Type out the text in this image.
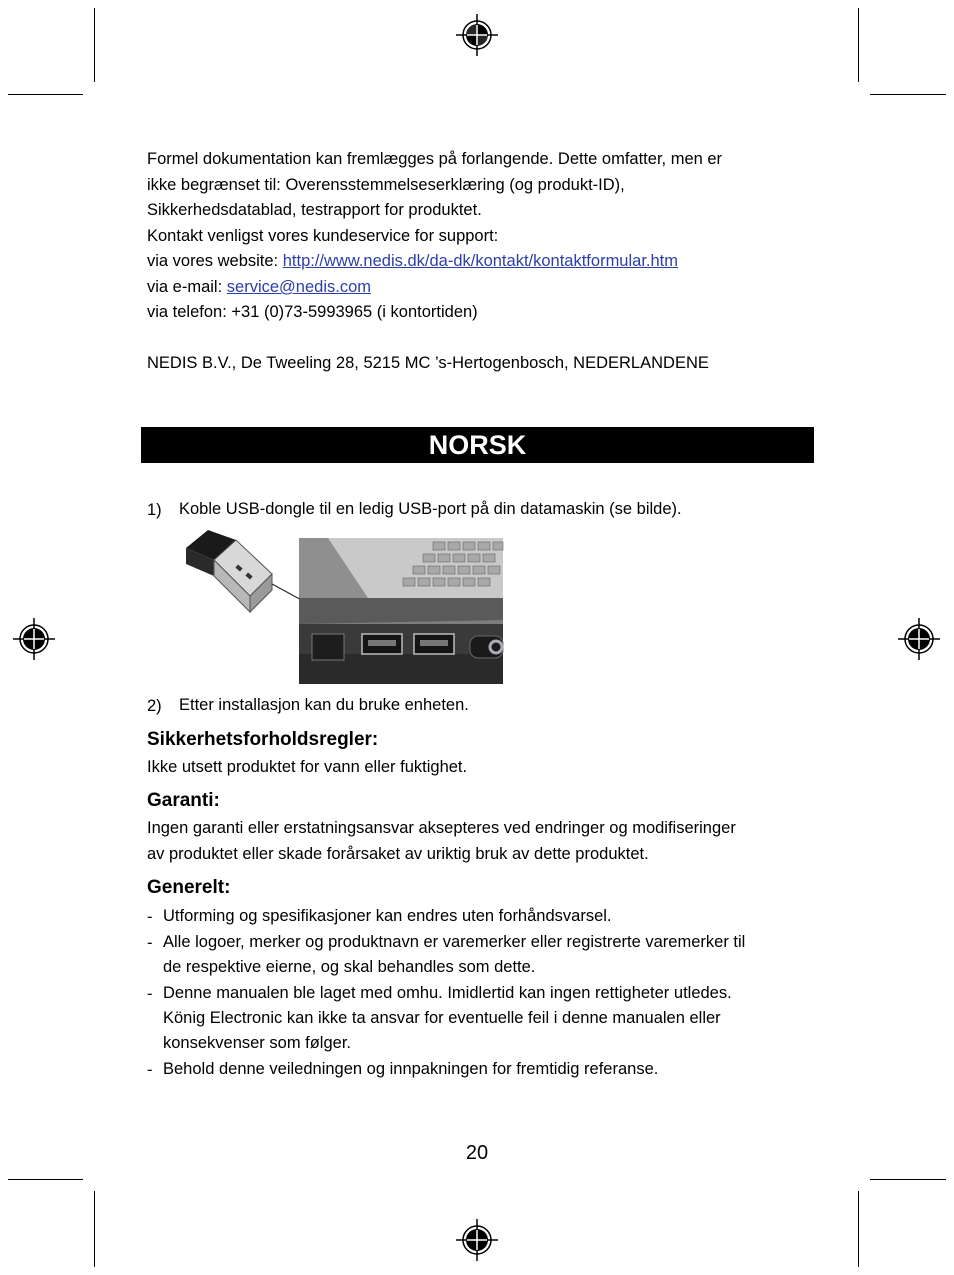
Formel dokumentation kan fremlægges på forlangende. Dette omfatter, men er
ikke begrænset til: Overensstemmelseserklæring (og produkt-ID),
Sikkerhedsdatablad, testrapport for produktet.
Kontakt venligst vores kundeservice for support:
via vores website: http://www.nedis.dk/da-dk/kontakt/kontaktformular.htm
via e-mail: service@nedis.com
via telefon: +31 (0)73-5993965 (i kontortiden)
NEDIS B.V., De Tweeling 28, 5215 MC ’s-Hertogenbosch, NEDERLANDENE
NORSK
1) Koble USB-dongle til en ledig USB-port på din datamaskin (se bilde).
2) Etter installasjon kan du bruke enheten.
Sikkerhetsforholdsregler:
Ikke utsett produktet for vann eller fuktighet.
Garanti:
Ingen garanti eller erstatningsansvar aksepteres ved endringer og modifiseringer
av produktet eller skade forårsaket av uriktig bruk av dette produktet.
Generelt:
- Utforming og spesifikasjoner kan endres uten forhåndsvarsel.
- Alle logoer, merker og produktnavn er varemerker eller registrerte varemerker til
de respektive eierne, og skal behandles som dette.
- Denne manualen ble laget med omhu. Imidlertid kan ingen rettigheter utledes.
König Electronic kan ikke ta ansvar for eventuelle feil i denne manualen eller
konsekvenser som følger.
- Behold denne veiledningen og innpakningen for fremtidig referanse.
20
